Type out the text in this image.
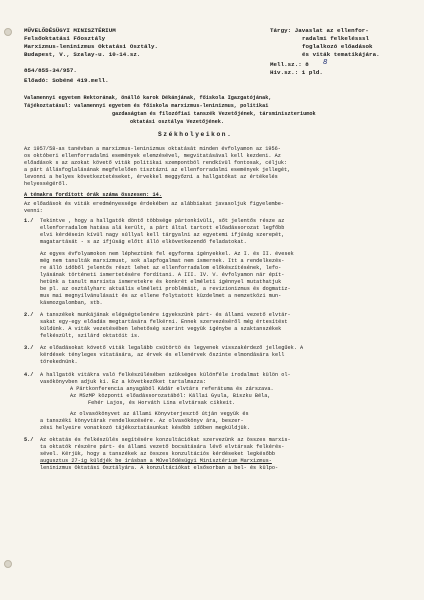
MŰVELŐDÉSÜGYI MINISZTÉRIUM
Felsőoktatási Főosztály
Marxizmus-leninizmus Oktatási Osztály.
Budapest, V., Szalay-u. 10-14.sz.
854/855-34/957.
Előadó: Sobéné 419.mell.
Tárgy: Javaslat az ellenfor-
radalmi felkelésssl
foglalkozó előadások
és viták tematikájára.
Mell.sz.: 8
Hiv.sz.: 1 pld.
Valamennyi egyetem Rektorának, önálló karok Dékánjának, főiskola Igazgatójának,
Tájékoztatásul: valamennyi egyetem és főiskola marxizmus-leninizmus, politikai
gazdaságtan és filozófiai tanszék Vezetőjének, társminiszteriumok
oktatási osztálya Vezetőjének.
Székholyeikon.
Az 1957/58-as tanévban a marxizmus-leninizmus oktatását minden évfolyamon az 1956-
os októberi ellenforradalmi események elemzésével, megvitatásával kell kezdeni. Az
előadások s az azokat követő viták politikai szempontból rendkívül fontosak, céljuk:
a párt állásfoglalásának megfelelően tisztázni az ellenforradalmi események jellegét,
levonni a helyes következtetéseket, érvekkel meggyőzni a hallgatókat az értékelés
helyességéről.
A témakra fordított órák száma összesen: 14.
Az előadások és viták eredményessége érdekében az alábbiakat javasoljuk figyelembe-
venni:
1./ Tekintve , hogy a hallgatók döntő többsége pártonkívüli, sőt jelentős része az
ellenforradalom hatása alá került, a párt által tartott előadássorozat legfőbb
elvi kérdésein kívül nagy súllyal kell tárgyalni az egyetemi ifjúság szerepét,
magatartását - s az ifjúság előtt álló elkövetkezendő feladatokat.
Az egyes évfolyamokon nem lépheztünk fel egyforma igényekkel. Az I. és II. évesek
még nem tanulták marxizmust, sok alapfogalmat nem ismernek. Itt a rendelkezés-
re álló időből jelentős részt lehet az ellenforradalom előkészítésének, lefo-
lyásának történeti ismertetésére fordítani. A III. IV. V. évfolyamon nár épít-
hetünk a tanult marxista ismeretekre és konkrét elméleti igénnyel mutathatjuk
be pl. az osztályharc aktuális elméleti problémáit, a revizionizmus és dogmatiz-
mus mai megnyilvánulásait és az ellene folytatott küzdelmet a nemzetközi mun-
kásmozgalomban, stb.
2./ A tanszékek munkájának elégségtelenére igyekszünk párt- és állami vezető elvtár-
sakat egy-egy előadás megtartására felkérni. Ennek szervezéséről még értesítést
küldünk. A viták vezetésében lehetőség szerint vegyük igénybe a szaktanszékek
felkészült, szilárd oktatóit is.
3./ Az előadásokat követő viták legalább csütörtö és legyenek visszakérdező jellegűek. A
kérdések tényleges vitatására, az érvek és ellenérvek őszinte elmondására kell
törekednünk.
4./ A hallgatók vitákra való felkészülésében szükséges különféle irodalmat külön ol-
vasókönyvben adjuk ki. Ez a következőket tartalmazza:
A Pártkonferencia anyagából Kádár elvtárs referátuma és zárszava.
Az MSzMP központi előadássorozatából: Kállai Gyula, Biszku Béla,
Fehér Lajos, és Horváth Lina elvtársak cikkeit.
Az olvasókönyvet az állami Könyvterjesztő útján vegyük és
a tanszéki könyvtárak rendelkezésére. Az olvasókönyv ára, beszer-
zési helyeire vonatkozó tájékoztatásunkat később időben megküldjük.
5./ Az oktatás és felkészülés segítésére konzultációkat szervezünk az összes marxis-
ta oktatók részére párt- és állami vezető bocsátására lévő elvtársak felkérés-
sével. Kérjük, hogy a tanszékek az összes konzultációs kérdéseket legkésőbb
augusztus 27-ig küldjék be írásban a Művelődésügyi Minisztérium Marxizmus-
leninizmus Oktatási Osztályára. A konzultációkat elsősorban a bel- és külpo-
8
